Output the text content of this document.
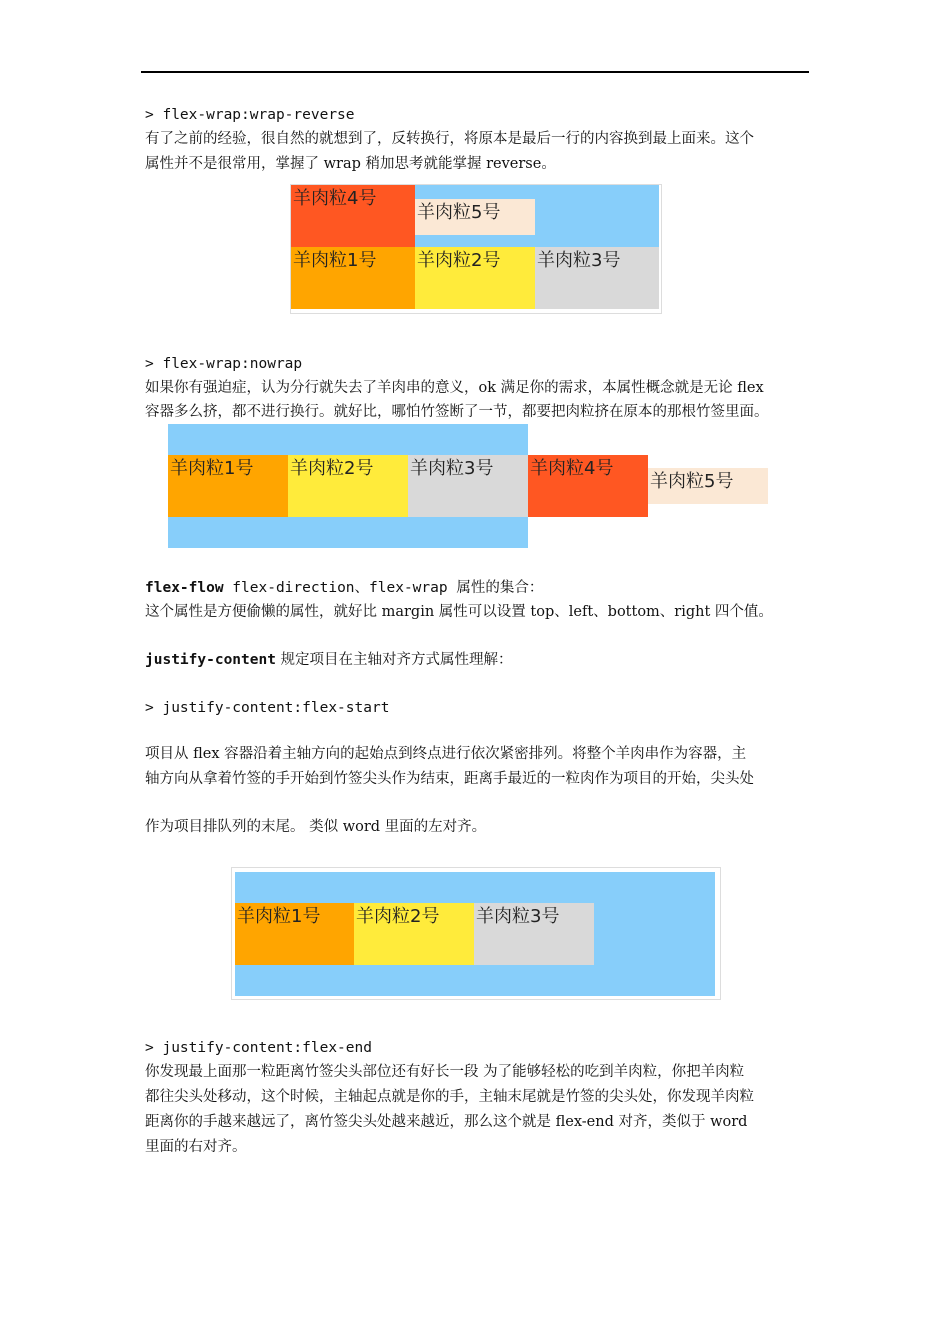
> flex-wrap:wrap-reverse
有了之前的经验，很自然的就想到了，反转换行，将原本是最后一行的内容换到最上面来。这个
属性并不是很常用，掌握了 wrap 稍加思考就能掌握 reverse。
羊肉粒4号
羊肉粒5号
羊肉粒1号	羊肉粒2号	羊肉粒3号
> flex-wrap:nowrap
如果你有强迫症，认为分行就失去了羊肉串的意义，ok 满足你的需求，本属性概念就是无论 flex
容器多么挤，都不进行换行。就好比，哪怕竹签断了一节，都要把肉粒挤在原本的那根竹签里面。
羊肉粒1号	羊肉粒2号	羊肉粒3号	羊肉粒4号
羊肉粒5号
flex-flow flex-direction、flex-wrap 属性的集合：
这个属性是方便偷懒的属性，就好比 margin 属性可以设置 top、left、bottom、right 四个值。
justify-content 规定项目在主轴对齐方式属性理解：
> justify-content:flex-start
项目从 flex 容器沿着主轴方向的起始点到终点进行依次紧密排列。将整个羊肉串作为容器，主
轴方向从拿着竹签的手开始到竹签尖头作为结束，距离手最近的一粒肉作为项目的开始，尖头处
作为项目排队列的末尾。 类似 word 里面的左对齐。
羊肉粒1号	羊肉粒2号	羊肉粒3号
> justify-content:flex-end
你发现最上面那一粒距离竹签尖头部位还有好长一段 为了能够轻松的吃到羊肉粒，你把羊肉粒
都往尖头处移动，这个时候，主轴起点就是你的手，主轴末尾就是竹签的尖头处，你发现羊肉粒
距离你的手越来越远了，离竹签尖头处越来越近，那么这个就是 flex-end 对齐，类似于 word
里面的右对齐。
